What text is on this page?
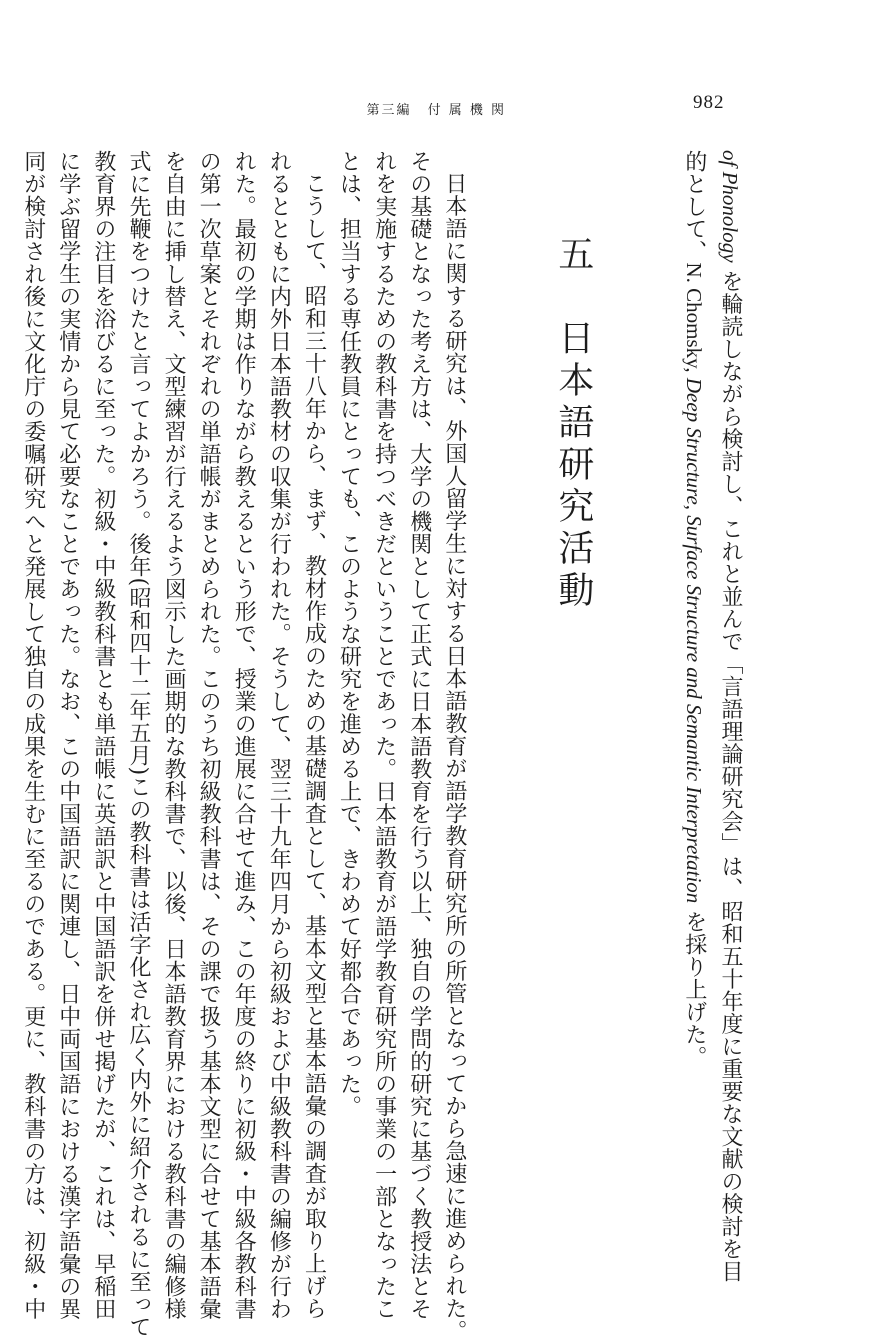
982
第三編 付 属 機 関
of Phonology を輪読しながら検討し、これと並んで「言語理論研究会」は、昭和五十年度に重要な文献の検討を目
的として、N. Chomsky, Deep Structure, Surface Structure and Semantic Interpretation を採り上げた。
五　日本語研究活動
日本語に関する研究は、外国人留学生に対する日本語教育が語学教育研究所の所管となってから急速に進められた。
その基礎となった考え方は、大学の機関として正式に日本語教育を行う以上、独自の学問的研究に基づく教授法とそ
れを実施するための教科書を持つべきだということであった。日本語教育が語学教育研究所の事業の一部となったこ
とは、担当する専任教員にとっても、このような研究を進める上で、きわめて好都合であった。
こうして、昭和三十八年から、まず、教材作成のための基礎調査として、基本文型と基本語彙の調査が取り上げら
れるとともに内外日本語教材の収集が行われた。そうして、翌三十九年四月から初級および中級教科書の編修が行わ
れた。最初の学期は作りながら教えるという形で、授業の進展に合せて進み、この年度の終りに初級・中級各教科書
の第一次草案とそれぞれの単語帳がまとめられた。このうち初級教科書は、その課で扱う基本文型に合せて基本語彙
を自由に挿し替え、文型練習が行えるよう図示した画期的な教科書で、以後、日本語教育界における教科書の編修様
式に先鞭をつけたと言ってよかろう。後年(昭和四十二年五月)この教科書は活字化され広く内外に紹介されるに至って
教育界の注目を浴びるに至った。初級・中級教科書とも単語帳に英語訳と中国語訳を併せ掲げたが、これは、早稲田
に学ぶ留学生の実情から見て必要なことであった。なお、この中国語訳に関連し、日中両国語における漢字語彙の異
同が検討され後に文化庁の委嘱研究へと発展して独自の成果を生むに至るのである。更に、教科書の方は、初級・中
